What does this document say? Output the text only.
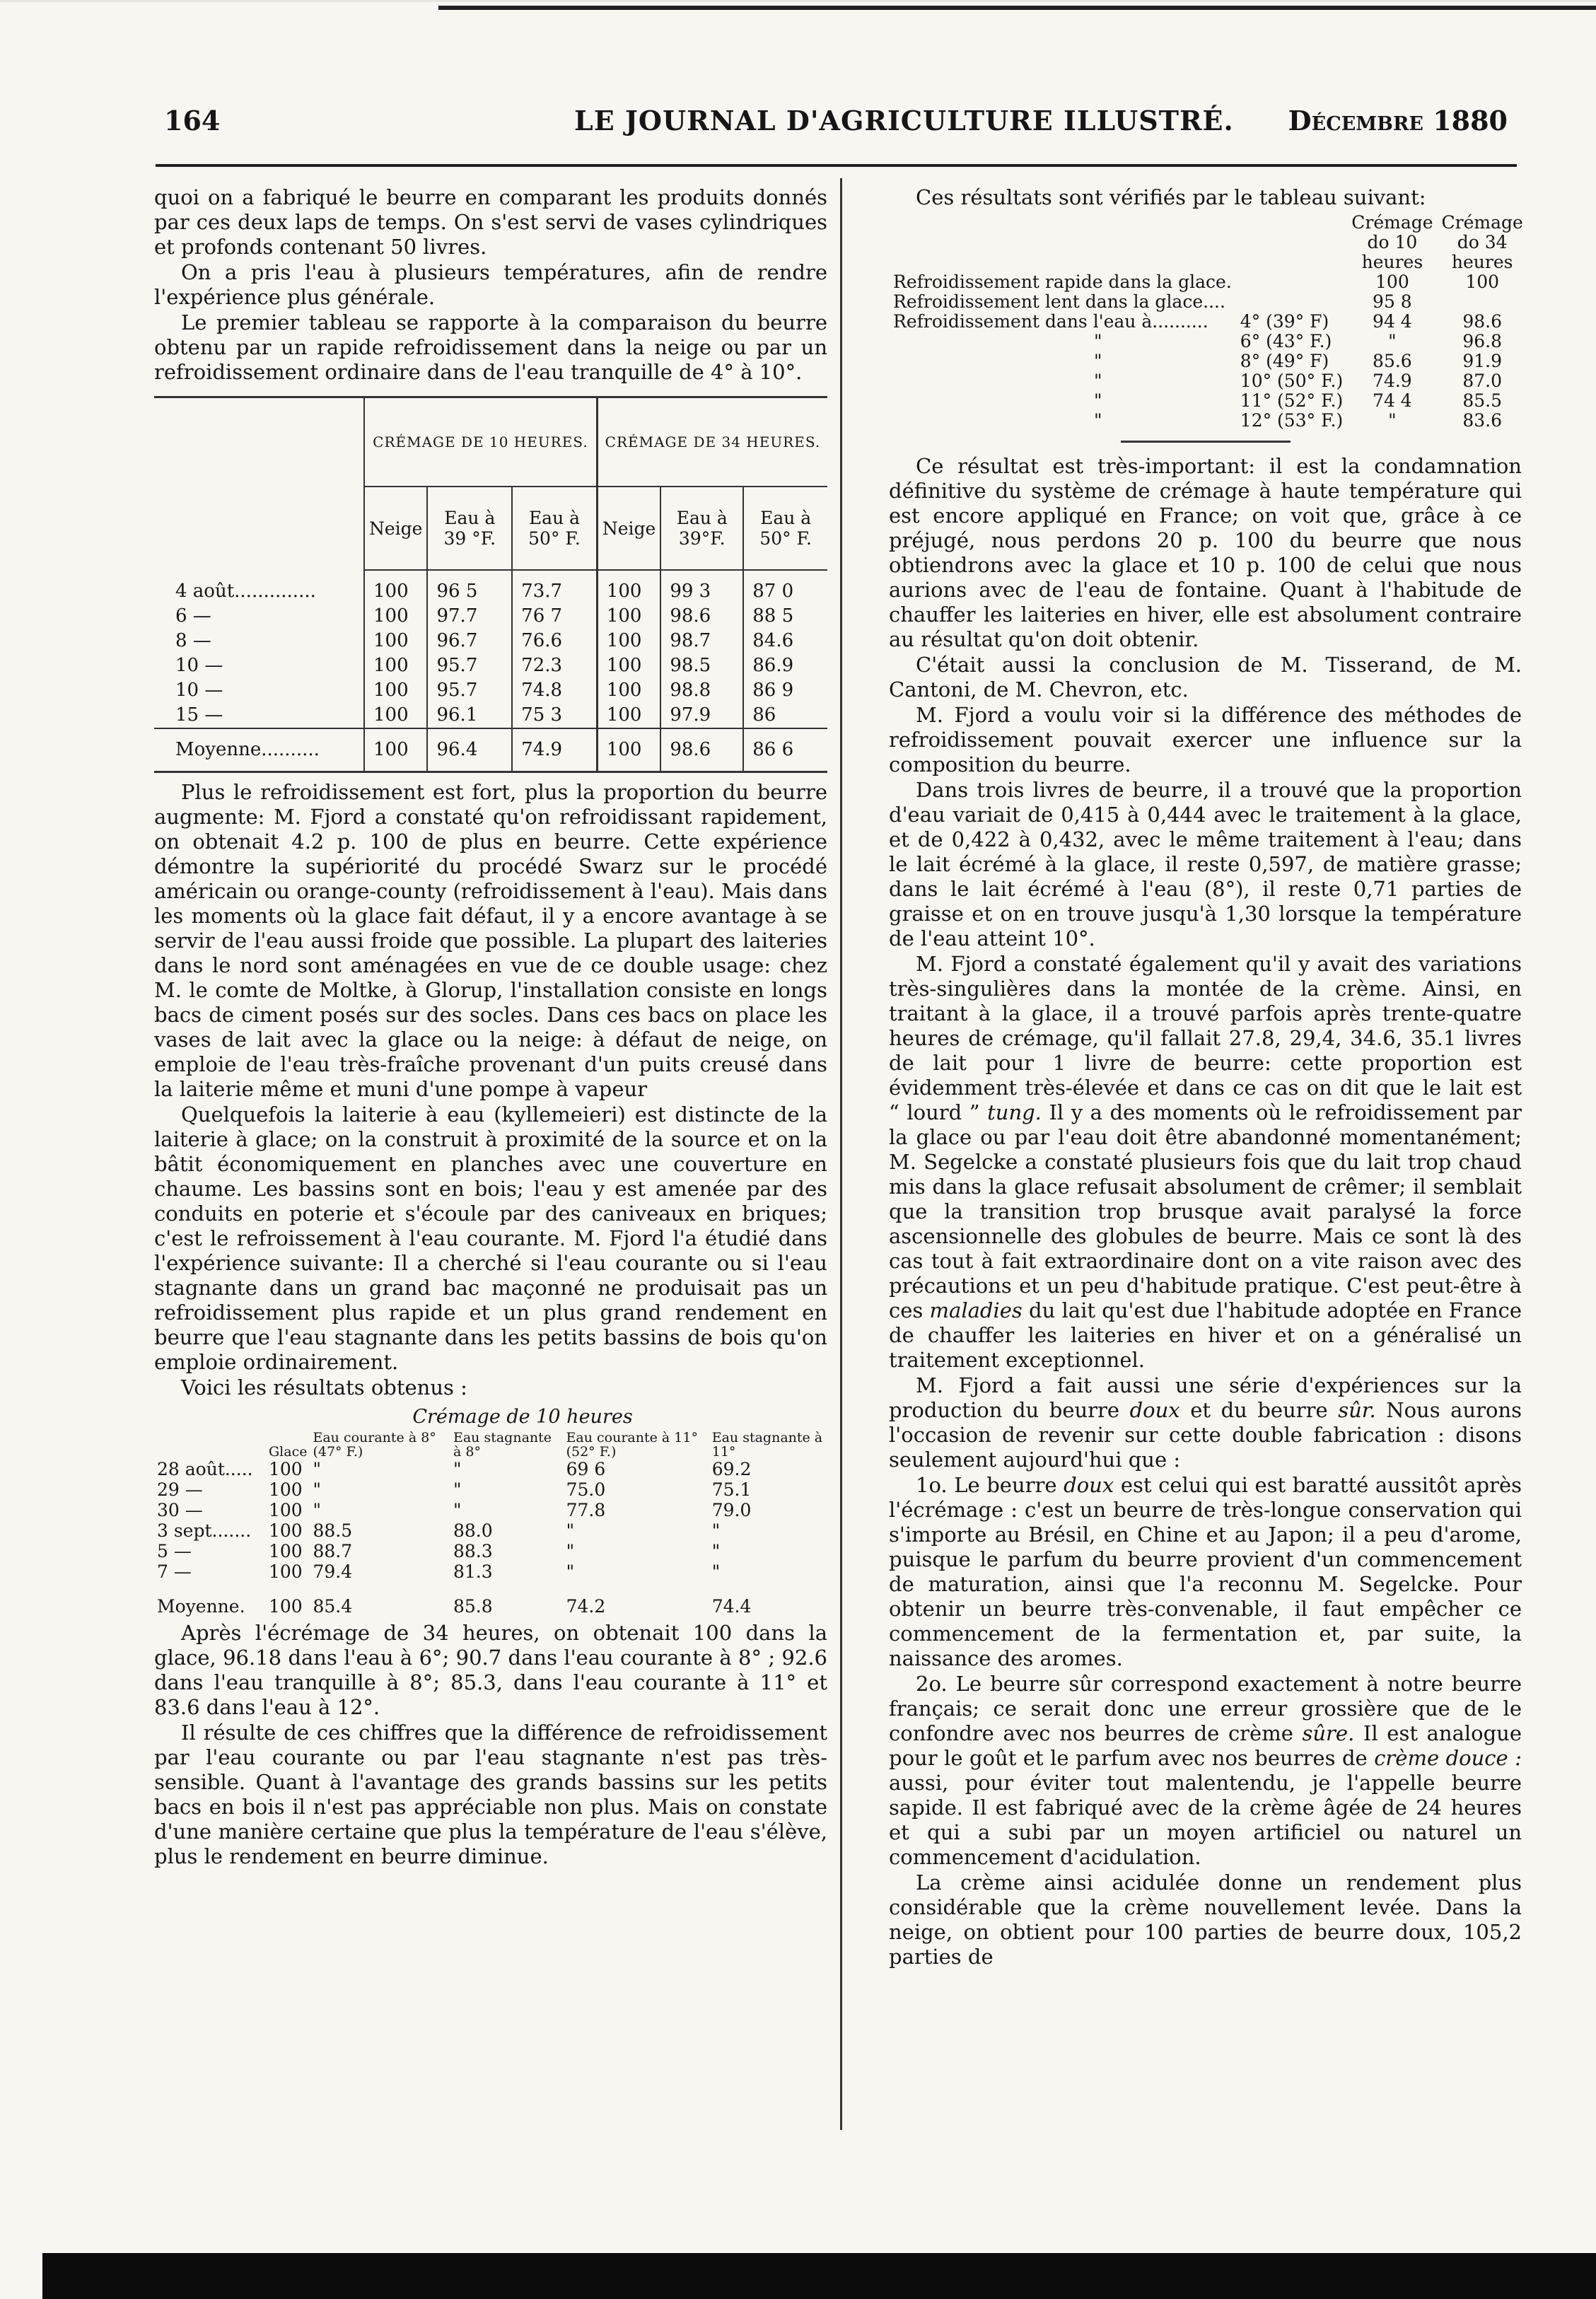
164	LE JOURNAL D'AGRICULTURE ILLUSTRÉ. Décembre 1880

quoi on a fabriqué le beurre en comparant les produits donnés par ces deux laps de temps. On s'est servi de vases cylindriques et profonds contenant 50 livres.

On a pris l'eau à plusieurs températures, afin de rendre l'expérience plus générale.

Le premier tableau se rapporte à la comparaison du beurre obtenu par un rapide refroidissement dans la neige ou par un refroidissement ordinaire dans de l'eau tranquille de 4° à 10°.

	CRÉMAGE DE 10 HEURES.			CRÉMAGE DE 34 HEURES.		
	Neige	Eau à 39 °F.	Eau à 50° F.	Neige	Eau à 39°F.	Eau à 50° F.
4 août..............	100	96 5	73.7	100	99 3	87 0
6 —	100	97.7	76 7	100	98.6	88 5
8 —	100	96.7	76.6	100	98.7	84.6
10 —	100	95.7	72.3	100	98.5	86.9
10 —	100	95.7	74.8	100	98.8	86 9
15 —	100	96.1	75 3	100	97.9	86
Moyenne..........	100	96.4	74.9	100	98.6	86 6

Plus le refroidissement est fort, plus la proportion du beurre augmente: M. Fjord a constaté qu'on refroidissant rapidement, on obtenait 4.2 p. 100 de plus en beurre. Cette expérience démontre la supériorité du procédé Swarz sur le procédé américain ou orange-county (refroidissement à l'eau). Mais dans les moments où la glace fait défaut, il y a encore avantage à se servir de l'eau aussi froide que possible. La plupart des laiteries dans le nord sont aménagées en vue de ce double usage: chez M. le comte de Moltke, à Glorup, l'installation consiste en longs bacs de ciment posés sur des socles. Dans ces bacs on place les vases de lait avec la glace ou la neige: à défaut de neige, on emploie de l'eau très-fraîche provenant d'un puits creusé dans la laiterie même et muni d'une pompe à vapeur

Quelquefois la laiterie à eau (kyllemeieri) est distincte de la laiterie à glace; on la construit à proximité de la source et on la bâtit économiquement en planches avec une couverture en chaume. Les bassins sont en bois; l'eau y est amenée par des conduits en poterie et s'écoule par des caniveaux en briques; c'est le refroissement à l'eau courante. M. Fjord l'a étudié dans l'expérience suivante: Il a cherché si l'eau courante ou si l'eau stagnante dans un grand bac maçonné ne produisait pas un refroidissement plus rapide et un plus grand rendement en beurre que l'eau stagnante dans les petits bassins de bois qu'on emploie ordinairement.

Voici les résultats obtenus :

Crémage de 10 heures
	Glace	Eau courante à 8° (47° F.)	Eau stagnante à 8°	Eau courante à 11° (52° F.)	Eau stagnante à 11°
28 août.....	100	"	"	69 6	69.2
29 —	100	"	"	75.0	75.1
30 —	100	"	"	77.8	79.0
3 sept.......	100	88.5	88.0	"	"
5 —	100	88.7	88.3	"	"
7 —	100	79.4	81.3	"	"
Moyenne.	100	85.4	85.8	74.2	74.4

Après l'écrémage de 34 heures, on obtenait 100 dans la glace, 96.18 dans l'eau à 6°; 90.7 dans l'eau courante à 8° ; 92.6 dans l'eau tranquille à 8°; 85.3, dans l'eau courante à 11° et 83.6 dans l'eau à 12°.

Il résulte de ces chiffres que la différence de refroidissement par l'eau courante ou par l'eau stagnante n'est pas très-sensible. Quant à l'avantage des grands bassins sur les petits bacs en bois il n'est pas appréciable non plus. Mais on constate d'une manière certaine que plus la température de l'eau s'élève, plus le rendement en beurre diminue.

Ces résultats sont vérifiés par le tableau suivant:

		Crémage do 10 heures	Crémage do 34 heures
Refroidissement rapide dans la glace.		100	100
Refroidissement lent dans la glace....		95 8	
Refroidissement dans l'eau à..........	4° (39° F)	94 4	98.6
"	6° (43° F.)	"	96.8
"	8° (49° F)	85.6	91.9
"	10° (50° F.)	74.9	87.0
"	11° (52° F.)	74 4	85.5
"	12° (53° F.)	"	83.6

Ce résultat est très-important: il est la condamnation définitive du système de crémage à haute température qui est encore appliqué en France; on voit que, grâce à ce préjugé, nous perdons 20 p. 100 du beurre que nous obtiendrons avec la glace et 10 p. 100 de celui que nous aurions avec de l'eau de fontaine. Quant à l'habitude de chauffer les laiteries en hiver, elle est absolument contraire au résultat qu'on doit obtenir.

C'était aussi la conclusion de M. Tisserand, de M. Cantoni, de M. Chevron, etc.

M. Fjord a voulu voir si la différence des méthodes de refroidissement pouvait exercer une influence sur la composition du beurre.

Dans trois livres de beurre, il a trouvé que la proportion d'eau variait de 0,415 à 0,444 avec le traitement à la glace, et de 0,422 à 0,432, avec le même traitement à l'eau; dans le lait écrémé à la glace, il reste 0,597, de matière grasse; dans le lait écrémé à l'eau (8°), il reste 0,71 parties de graisse et on en trouve jusqu'à 1,30 lorsque la température de l'eau atteint 10°.

M. Fjord a constaté également qu'il y avait des variations très-singulières dans la montée de la crème. Ainsi, en traitant à la glace, il a trouvé parfois après trente-quatre heures de crémage, qu'il fallait 27.8, 29,4, 34.6, 35.1 livres de lait pour 1 livre de beurre: cette proportion est évidemment très-élevée et dans ce cas on dit que le lait est “ lourd ” tung. Il y a des moments où le refroidissement par la glace ou par l'eau doit être abandonné momentanément; M. Segelcke a constaté plusieurs fois que du lait trop chaud mis dans la glace refusait absolument de crêmer; il semblait que la transition trop brusque avait paralysé la force ascensionnelle des globules de beurre. Mais ce sont là des cas tout à fait extraordinaire dont on a vite raison avec des précautions et un peu d'habitude pratique. C'est peut-être à ces maladies du lait qu'est due l'habitude adoptée en France de chauffer les laiteries en hiver et on a généralisé un traitement exceptionnel.

M. Fjord a fait aussi une série d'expériences sur la production du beurre doux et du beurre sûr. Nous aurons l'occasion de revenir sur cette double fabrication : disons seulement aujourd'hui que :

1o. Le beurre doux est celui qui est baratté aussitôt après l'écrémage : c'est un beurre de très-longue conservation qui s'importe au Brésil, en Chine et au Japon; il a peu d'arome, puisque le parfum du beurre provient d'un commencement de maturation, ainsi que l'a reconnu M. Segelcke. Pour obtenir un beurre très-convenable, il faut empêcher ce commencement de la fermentation et, par suite, la naissance des aromes.

2o. Le beurre sûr correspond exactement à notre beurre français; ce serait donc une erreur grossière que de le confondre avec nos beurres de crème sûre. Il est analogue pour le goût et le parfum avec nos beurres de crème douce : aussi, pour éviter tout malentendu, je l'appelle beurre sapide. Il est fabriqué avec de la crème âgée de 24 heures et qui a subi par un moyen artificiel ou naturel un commencement d'acidulation.

La crème ainsi acidulée donne un rendement plus considérable que la crème nouvellement levée. Dans la neige, on obtient pour 100 parties de beurre doux, 105,2 parties de
